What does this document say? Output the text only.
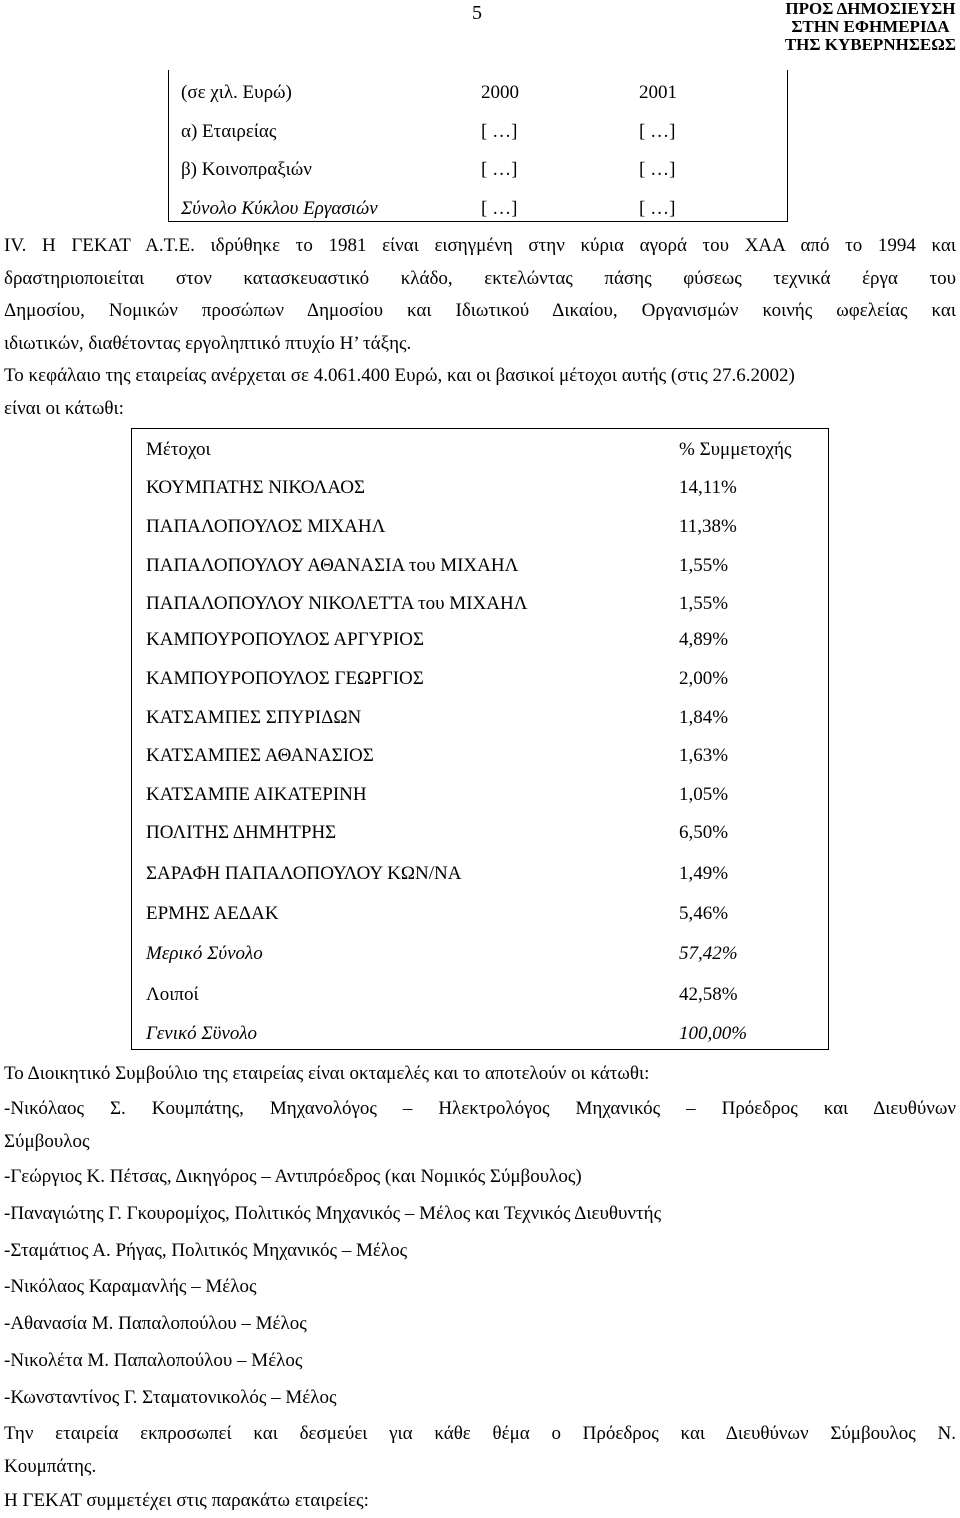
5	ΠΡΟΣ ΔΗΜΟΣΙΕΥΣΗ
ΣΤΗΝ ΕΦΗΜΕΡΙΔΑ
ΤΗΣ ΚΥΒΕΡΝΗΣΕΩΣ
(σε χιλ. Ευρώ)	2000	2001
α) Εταιρείας	[ …]	[ …]
β) Κοινοπραξιών	[ …]	[ …]
Σύνολο Κύκλου Εργασιών	[ …]	[ …]
IV. Η ΓΕΚΑΤ Α.Τ.Ε. ιδρύθηκε το 1981 είναι εισηγμένη στην κύρια αγορά του ΧΑΑ από το 1994 και
δραστηριοποιείται στον κατασκευαστικό κλάδο, εκτελώντας πάσης φύσεως τεχνικά έργα του
Δημοσίου, Νομικών προσώπων Δημοσίου και Ιδιωτικού Δικαίου, Οργανισμών κοινής ωφελείας και
ιδιωτικών, διαθέτοντας εργοληπτικό πτυχίο Η’ τάξης.
Το κεφάλαιο της εταιρείας ανέρχεται σε 4.061.400 Ευρώ, και οι βασικοί μέτοχοι αυτής (στις 27.6.2002)
είναι οι κάτωθι:
Μέτοχοι	% Συμμετοχής
ΚΟΥΜΠΑΤΗΣ ΝΙΚΟΛΑΟΣ	14,11%
ΠΑΠΑΛΟΠΟΥΛΟΣ ΜΙΧΑΗΛ	11,38%
ΠΑΠΑΛΟΠΟΥΛΟΥ ΑΘΑΝΑΣΙΑ του ΜΙΧΑΗΛ	1,55%
ΠΑΠΑΛΟΠΟΥΛΟΥ ΝΙΚΟΛΕΤΤΑ του ΜΙΧΑΗΛ	1,55%
ΚΑΜΠΟΥΡΟΠΟΥΛΟΣ ΑΡΓΥΡΙΟΣ	4,89%
ΚΑΜΠΟΥΡΟΠΟΥΛΟΣ ΓΕΩΡΓΙΟΣ	2,00%
ΚΑΤΣΑΜΠΕΣ ΣΠΥΡΙΔΩΝ	1,84%
ΚΑΤΣΑΜΠΕΣ ΑΘΑΝΑΣΙΟΣ	1,63%
ΚΑΤΣΑΜΠΕ ΑΙΚΑΤΕΡΙΝΗ	1,05%
ΠΟΛΙΤΗΣ ΔΗΜΗΤΡΗΣ	6,50%
ΣΑΡΑΦΗ ΠΑΠΑΛΟΠΟΥΛΟΥ ΚΩΝ/ΝΑ	1,49%
ΕΡΜΗΣ ΑΕΔΑΚ	5,46%
Μερικό Σύνολο	57,42%
Λοιποί	42,58%
Γενικό Σϋνολο	100,00%
Το Διοικητικό Συμβούλιο της εταιρείας είναι οκταμελές και το αποτελούν οι κάτωθι:
-Νικόλαος Σ. Κουμπάτης, Μηχανολόγος – Ηλεκτρολόγος Μηχανικός – Πρόεδρος και Διευθύνων
Σύμβουλος
-Γεώργιος Κ. Πέτσας, Δικηγόρος – Αντιπρόεδρος (και Νομικός Σύμβουλος)
-Παναγιώτης Γ. Γκουρομίχος, Πολιτικός Μηχανικός – Μέλος και Τεχνικός Διευθυντής
-Σταμάτιος Α. Ρήγας, Πολιτικός Μηχανικός – Μέλος
-Νικόλαος Καραμανλής – Μέλος
-Αθανασία Μ. Παπαλοπούλου – Μέλος
-Νικολέτα Μ. Παπαλοπούλου – Μέλος
-Κωνσταντίνος Γ. Σταματονικολός – Μέλος
Την εταιρεία εκπροσωπεί και δεσμεύει για κάθε θέμα ο Πρόεδρος και Διευθύνων Σύμβουλος Ν.
Κουμπάτης.
Η ΓΕΚΑΤ συμμετέχει στις παρακάτω εταιρείες:
